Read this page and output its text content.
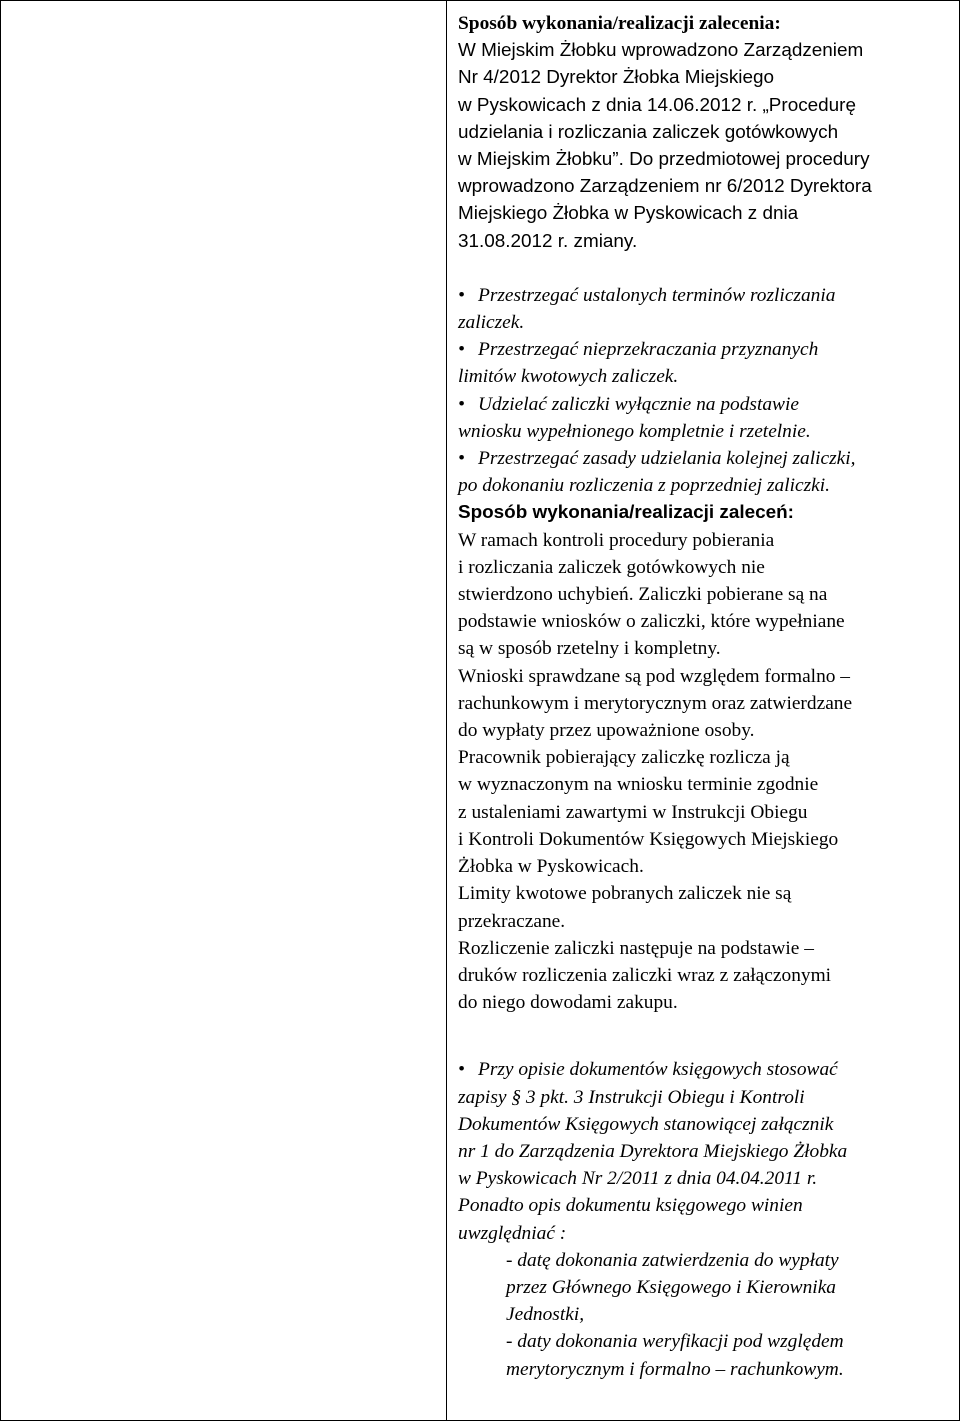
Sposób wykonania/realizacji zalecenia:

W Miejskim Żłobku wprowadzono Zarządzeniem

Nr 4/2012 Dyrektor Żłobka Miejskiego

w Pyskowicach z dnia 14.06.2012 r. „Procedurę

udzielania i rozliczania zaliczek gotówkowych

w Miejskim Żłobku”. Do przedmiotowej procedury

wprowadzono Zarządzeniem nr 6/2012 Dyrektora

Miejskiego Żłobka w Pyskowicach z dnia

31.08.2012 r. zmiany.

•Przestrzegać ustalonych terminów rozliczania

zaliczek.

•Przestrzegać nieprzekraczania przyznanych

limitów kwotowych zaliczek.

•Udzielać zaliczki wyłącznie na podstawie

wniosku wypełnionego kompletnie i rzetelnie.

•Przestrzegać zasady udzielania kolejnej zaliczki,

po dokonaniu rozliczenia z poprzedniej zaliczki.

Sposób wykonania/realizacji zaleceń:

W ramach kontroli procedury pobierania

i rozliczania zaliczek gotówkowych nie

stwierdzono uchybień. Zaliczki pobierane są na

podstawie wniosków o zaliczki, które wypełniane

są w sposób rzetelny i kompletny.

Wnioski sprawdzane są pod względem formalno –

rachunkowym i merytorycznym oraz zatwierdzane

do wypłaty przez upoważnione osoby.

Pracownik pobierający zaliczkę rozlicza ją

w wyznaczonym na wniosku terminie zgodnie

z ustaleniami zawartymi w Instrukcji Obiegu

i Kontroli Dokumentów Księgowych Miejskiego

Żłobka w Pyskowicach.

Limity kwotowe pobranych zaliczek nie są

przekraczane.

Rozliczenie zaliczki następuje na podstawie –

druków rozliczenia zaliczki wraz z załączonymi

do niego dowodami zakupu.

•Przy opisie dokumentów księgowych stosować

zapisy § 3 pkt. 3 Instrukcji Obiegu i Kontroli

Dokumentów Księgowych stanowiącej załącznik

nr 1 do Zarządzenia Dyrektora Miejskiego Żłobka

w Pyskowicach Nr 2/2011 z dnia 04.04.2011 r.

Ponadto opis dokumentu księgowego winien

uwzględniać :

- datę dokonania zatwierdzenia do wypłaty

przez Głównego Księgowego i Kierownika

Jednostki,

- daty dokonania weryfikacji pod względem

merytorycznym i formalno – rachunkowym.
